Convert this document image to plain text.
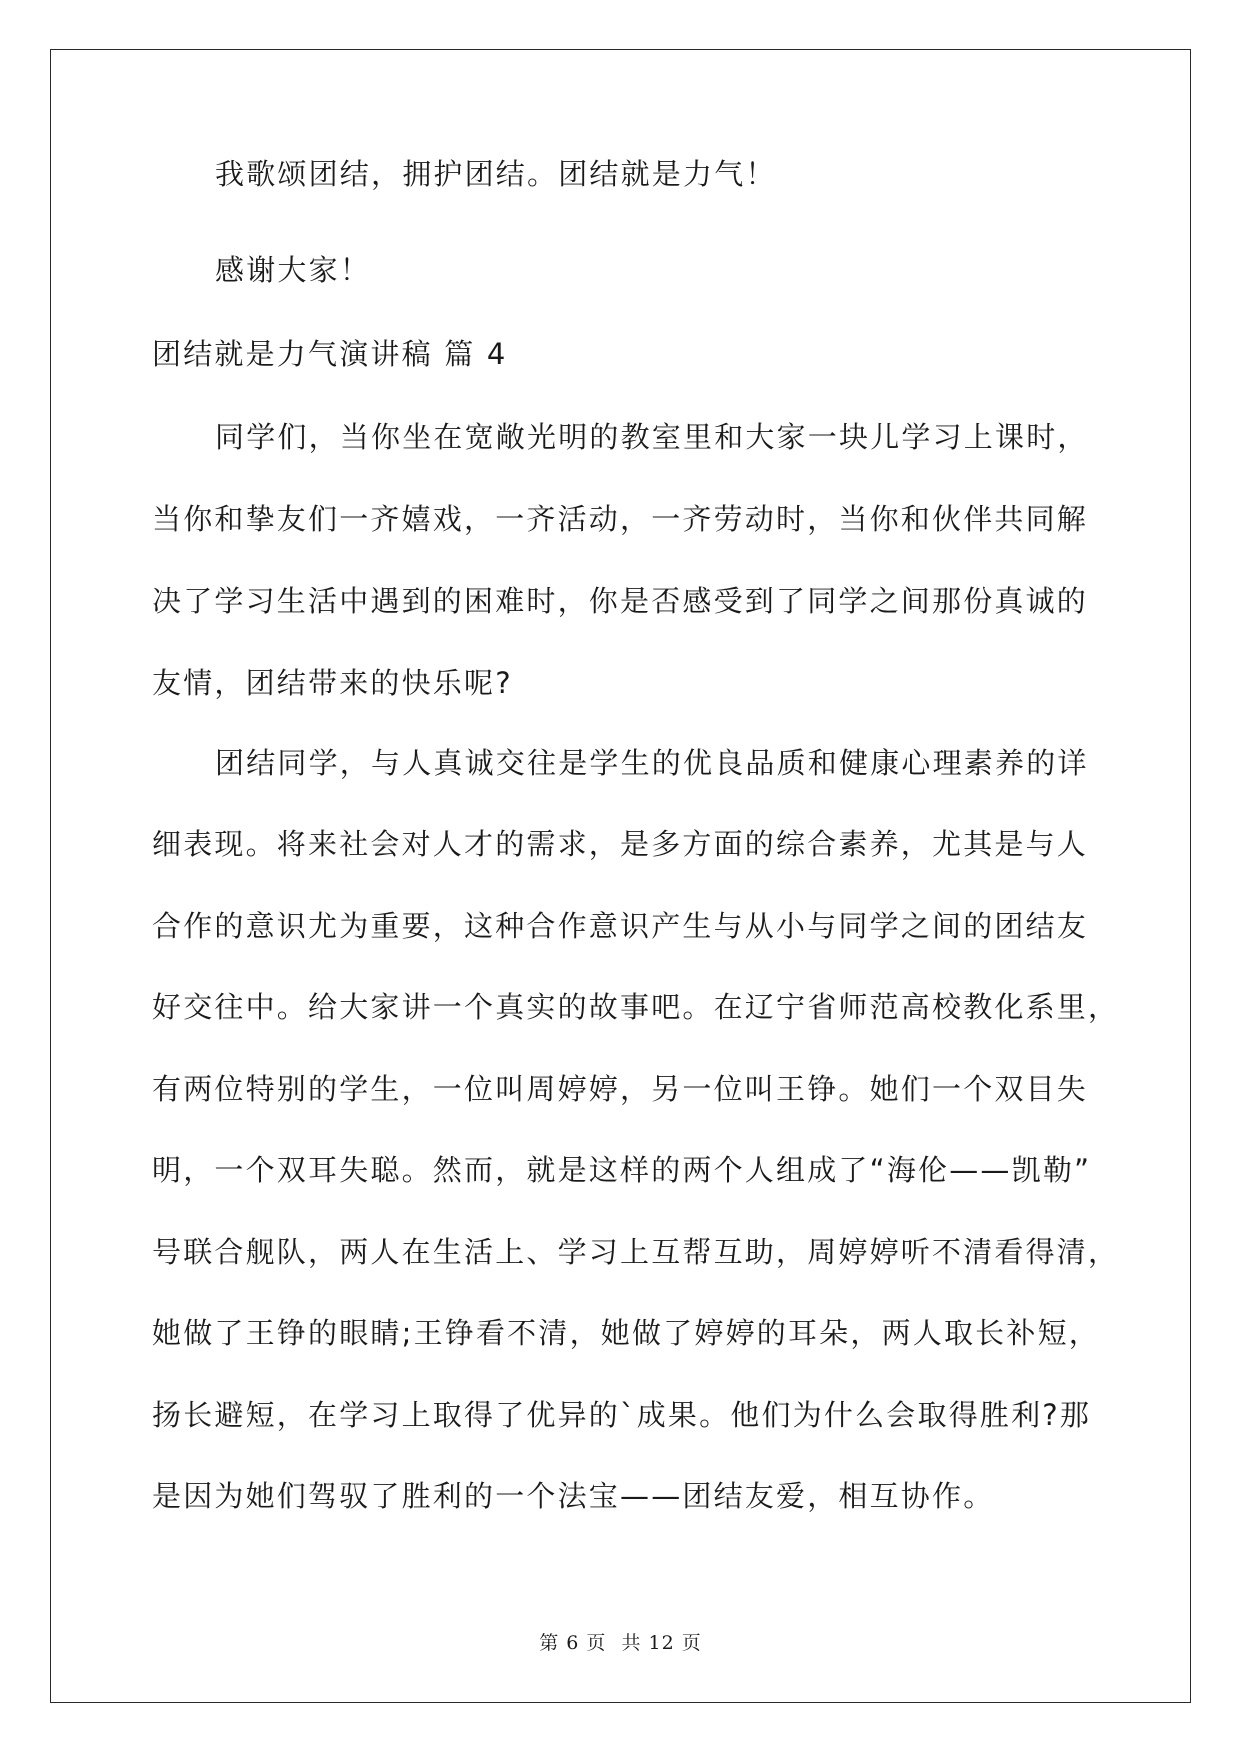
我歌颂团结，拥护团结。团结就是力气！
感谢大家！
团结就是力气演讲稿 篇 4
同学们，当你坐在宽敞光明的教室里和大家一块儿学习上课时，
当你和挚友们一齐嬉戏，一齐活动，一齐劳动时，当你和伙伴共同解
决了学习生活中遇到的困难时，你是否感受到了同学之间那份真诚的
友情，团结带来的快乐呢?
团结同学，与人真诚交往是学生的优良品质和健康心理素养的详
细表现。将来社会对人才的需求，是多方面的综合素养，尤其是与人
合作的意识尤为重要，这种合作意识产生与从小与同学之间的团结友
好交往中。给大家讲一个真实的故事吧。在辽宁省师范高校教化系里，
有两位特别的学生，一位叫周婷婷，另一位叫王铮。她们一个双目失
明，一个双耳失聪。然而，就是这样的两个人组成了“海伦——凯勒”
号联合舰队，两人在生活上、学习上互帮互助，周婷婷听不清看得清，
她做了王铮的眼睛;王铮看不清，她做了婷婷的耳朵，两人取长补短，
扬长避短，在学习上取得了优异的`成果。他们为什么会取得胜利?那
是因为她们驾驭了胜利的一个法宝——团结友爱，相互协作。
第 6 页 共 12 页
